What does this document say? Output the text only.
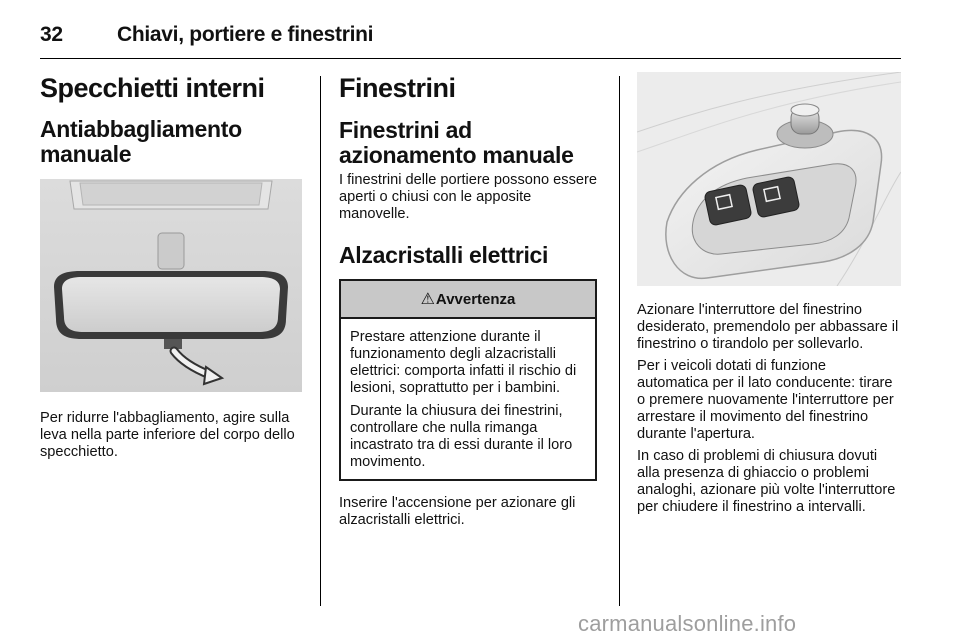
32	Chiavi, portiere e finestrini
Specchietti interni
Antiabbagliamento manuale

Per ridurre l'abbagliamento, agire sulla leva nella parte inferiore del corpo dello specchietto.

Finestrini
Finestrini ad azionamento manuale

I finestrini delle portiere possono essere aperti o chiusi con le apposite manovelle.

Alzacristalli elettrici
⚠ Avvertenza

Prestare attenzione durante il funzionamento degli alzacristalli elettrici: comporta infatti il rischio di lesioni, soprattutto per i bambini.

Durante la chiusura dei finestrini, controllare che nulla rimanga incastrato tra di essi durante il loro movimento.

Inserire l'accensione per azionare gli alzacristalli elettrici.

Azionare l'interruttore del finestrino desiderato, premendolo per abbassare il finestrino o tirandolo per sollevarlo.

Per i veicoli dotati di funzione automatica per il lato conducente: tirare o premere nuovamente l'interruttore per arrestare il movimento del finestrino durante l'apertura.

In caso di problemi di chiusura dovuti alla presenza di ghiaccio o problemi analoghi, azionare più volte l'interruttore per chiudere il finestrino a intervalli.

carmanualsonline.info
